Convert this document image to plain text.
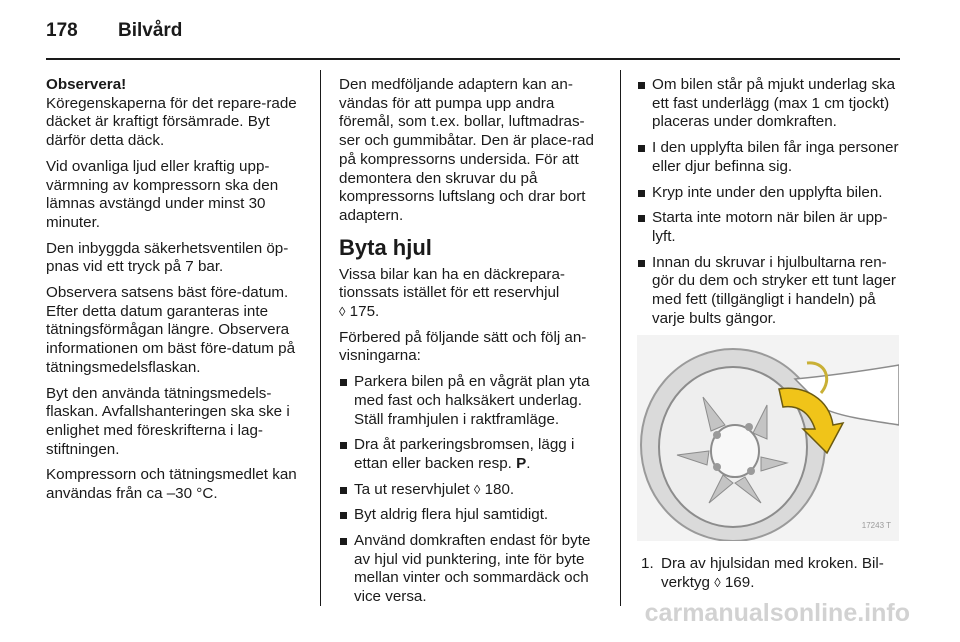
178	Bilvård

Observera!

Köregenskaperna för det repare-rade däcket är kraftigt försämrade. Byt därför detta däck.

Vid ovanliga ljud eller kraftig upp-värmning av kompressorn ska den lämnas avstängd under minst 30 minuter.

Den inbyggda säkerhetsventilen öp-pnas vid ett tryck på 7 bar.

Observera satsens bäst före-datum. Efter detta datum garanteras inte tätningsförmågan längre. Observera informationen om bäst före-datum på tätningsmedelsflaskan.

Byt den använda tätningsmedels-flaskan. Avfallshanteringen ska ske i enlighet med föreskrifterna i lag-stiftningen.

Kompressorn och tätningsmedlet kan användas från ca –30 °C.

Den medföljande adaptern kan an-vändas för att pumpa upp andra föremål, som t.ex. bollar, luftmadras-ser och gummibåtar. Den är place-rad på kompressorns undersida. För att demontera den skruvar du på kompressorns luftslang och drar bort adaptern.

Byta hjul

Vissa bilar kan ha en däckrepara-tionssats istället för ett reservhjul
◊ 175.

Förbered på följande sätt och följ an-visningarna:

Parkera bilen på en vågrät plan yta med fast och halksäkert underlag. Ställ framhjulen i raktframläge.
Dra åt parkeringsbromsen, lägg i ettan eller backen resp. P.
Ta ut reservhjulet ◊ 180.
Byt aldrig flera hjul samtidigt.
Använd domkraften endast för byte av hjul vid punktering, inte för byte mellan vinter och sommardäck och vice versa.
Om bilen står på mjukt underlag ska ett fast underlägg (max 1 cm tjockt) placeras under domkraften.
I den upplyfta bilen får inga personer eller djur befinna sig.
Kryp inte under den upplyfta bilen.
Starta inte motorn när bilen är upp-lyft.
Innan du skruvar i hjulbultarna ren-gör du dem och stryker ett tunt lager med fett (tillgängligt i handeln) på varje bults gängor.
17243 T
1. Dra av hjulsidan med kroken. Bil-verktyg ◊ 169.
carmanualsonline.info
